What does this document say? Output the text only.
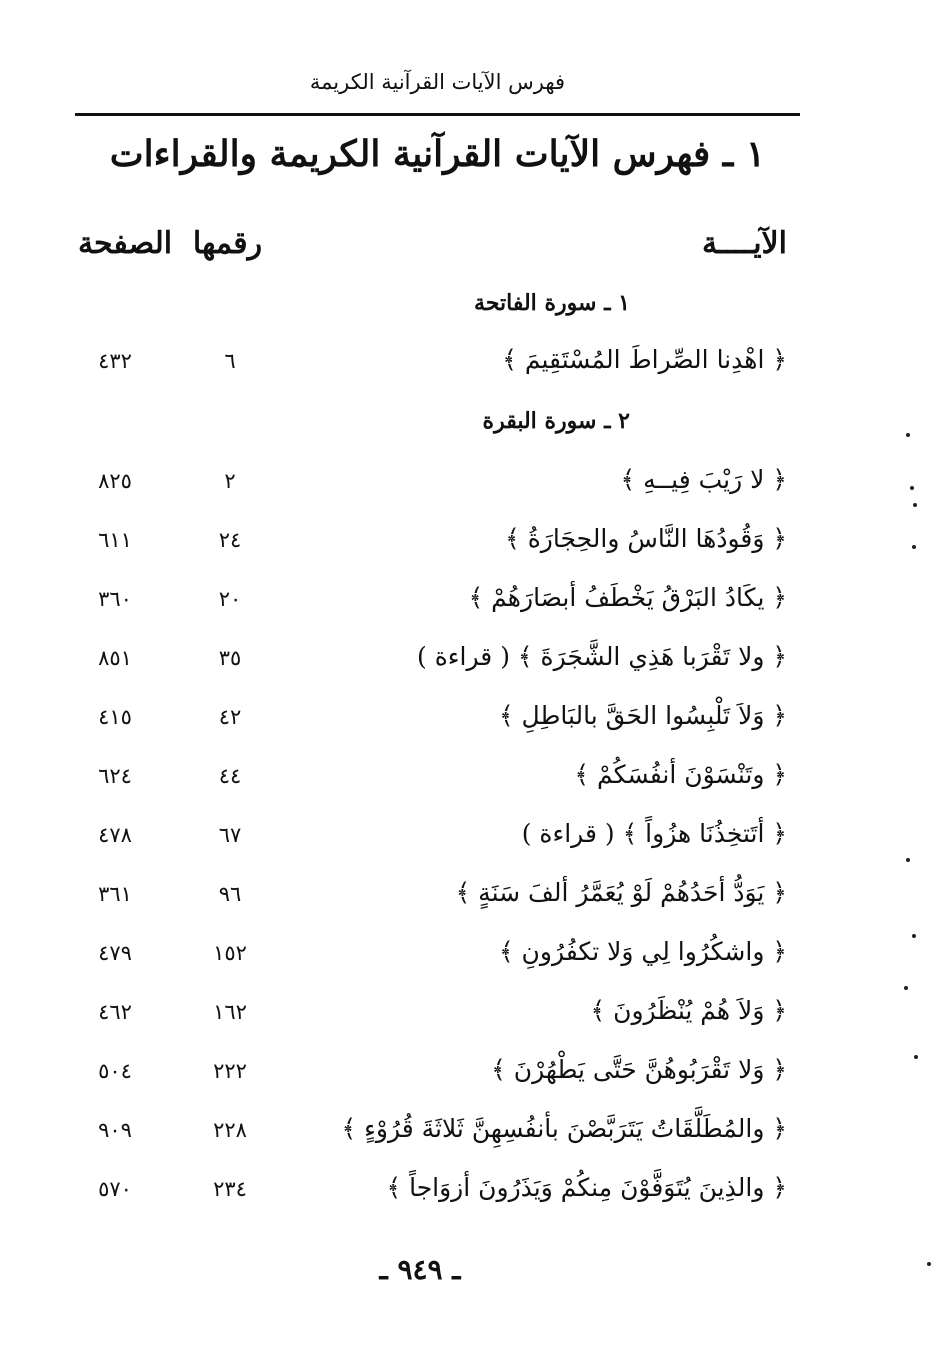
فهرس الآيات القرآنية الكريمة
١ ـ فهرس الآيات القرآنية الكريمة والقراءات
الآيــــة
رقمها
الصفحة
١ ـ سورة الفاتحة
﴿ اهْدِنا الصِّراطَ المُسْتَقِيمَ ﴾
٦
٤٣٢
٢ ـ سورة البقرة
﴿ لا رَيْبَ فِيــهِ ﴾
٢
٨٢٥
﴿ وَقُودُهَا النَّاسُ والحِجَارَةُ ﴾
٢٤
٦١١
﴿ يكَادُ البَرْقُ يَخْطَفُ أبصَارَهُمْ ﴾
٢٠
٣٦٠
﴿ ولا تَقْرَبا هَذِي الشَّجَرَةَ ﴾ ( قراءة )
٣٥
٨٥١
﴿ وَلاَ تَلْبِسُوا الحَقَّ بالبَاطِلِ ﴾
٤٢
٤١٥
﴿ وتَنْسَوْنَ أنفُسَكُمْ ﴾
٤٤
٦٢٤
﴿ أتَتخِذُنَا هزُواً ﴾ ( قراءة )
٦٧
٤٧٨
﴿ يَوَدُّ أحَدُهُمْ لَوْ يُعَمَّرُ ألفَ سَنَةٍ ﴾
٩٦
٣٦١
﴿ واشكُرُوا لِي وَلا تكفُرُونِ ﴾
١٥٢
٤٧٩
﴿ وَلاَ هُمْ يُنْظَرُونَ ﴾
١٦٢
٤٦٢
﴿ وَلا تَقْرَبُوهُنَّ حَتَّى يَطْهُرْنَ ﴾
٢٢٢
٥٠٤
﴿ والمُطَلَّقَاتُ يَتَرَبَّصْنَ بأنفُسِهِنَّ ثَلاثَةَ قُرُوْءٍ ﴾
٢٢٨
٩٠٩
﴿ والذِينَ يُتَوَفَّوْنَ مِنكُمْ وَيَذَرُونَ أزوَاجاً ﴾
٢٣٤
٥٧٠
ـ ٩٤٩ ـ
